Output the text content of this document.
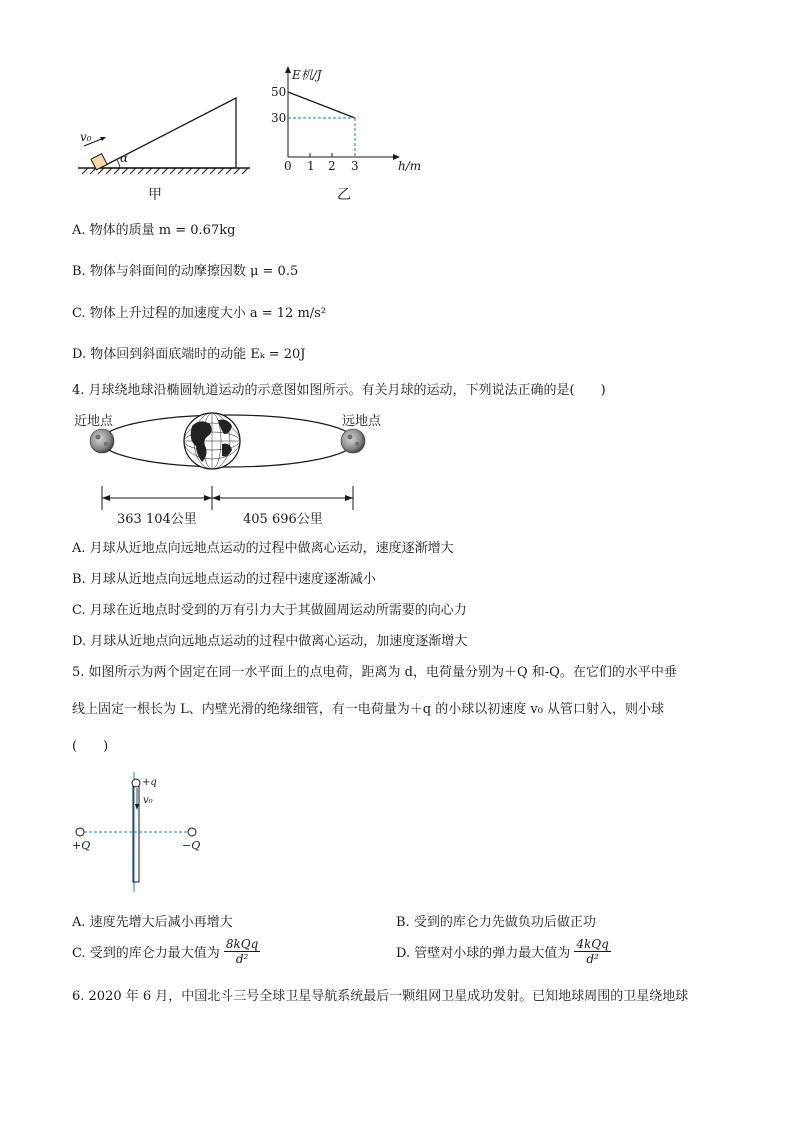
v₀
α
甲
E机/J
50
30
0 1 2 3	h/m
乙
A. 物体的质量 m = 0.67kg
B. 物体与斜面间的动摩擦因数 μ = 0.5
C. 物体上升过程的加速度大小 a = 12 m/s²
D. 物体回到斜面底端时的动能 Eₖ = 20J
4. 月球绕地球沿椭圆轨道运动的示意图如图所示。有关月球的运动，下列说法正确的是(　　)
近地点	远地点
363 104公里	405 696公里
A. 月球从近地点向远地点运动的过程中做离心运动，速度逐渐增大
B. 月球从近地点向远地点运动的过程中速度逐渐减小
C. 月球在近地点时受到的万有引力大于其做圆周运动所需要的向心力
D. 月球从近地点向远地点运动的过程中做离心运动，加速度逐渐增大
5. 如图所示为两个固定在同一水平面上的点电荷，距离为 d，电荷量分别为＋Q 和-Q。在它们的水平中垂
线上固定一根长为 L、内壁光滑的绝缘细管，有一电荷量为＋q 的小球以初速度 v₀ 从管口射入，则小球
(　　)
+q
v₀
+Q	−Q
A. 速度先增大后减小再增大	B. 受到的库仑力先做负功后做正功
C. 受到的库仑力最大值为 $\frac{\text{8kQq}}{\text{d²}}$	D. 管壁对小球的弹力最大值为 $\frac{\text{4kQq}}{\text{d²}}$
6. 2020 年 6 月，中国北斗三号全球卫星导航系统最后一颗组网卫星成功发射。已知地球周围的卫星绕地球
